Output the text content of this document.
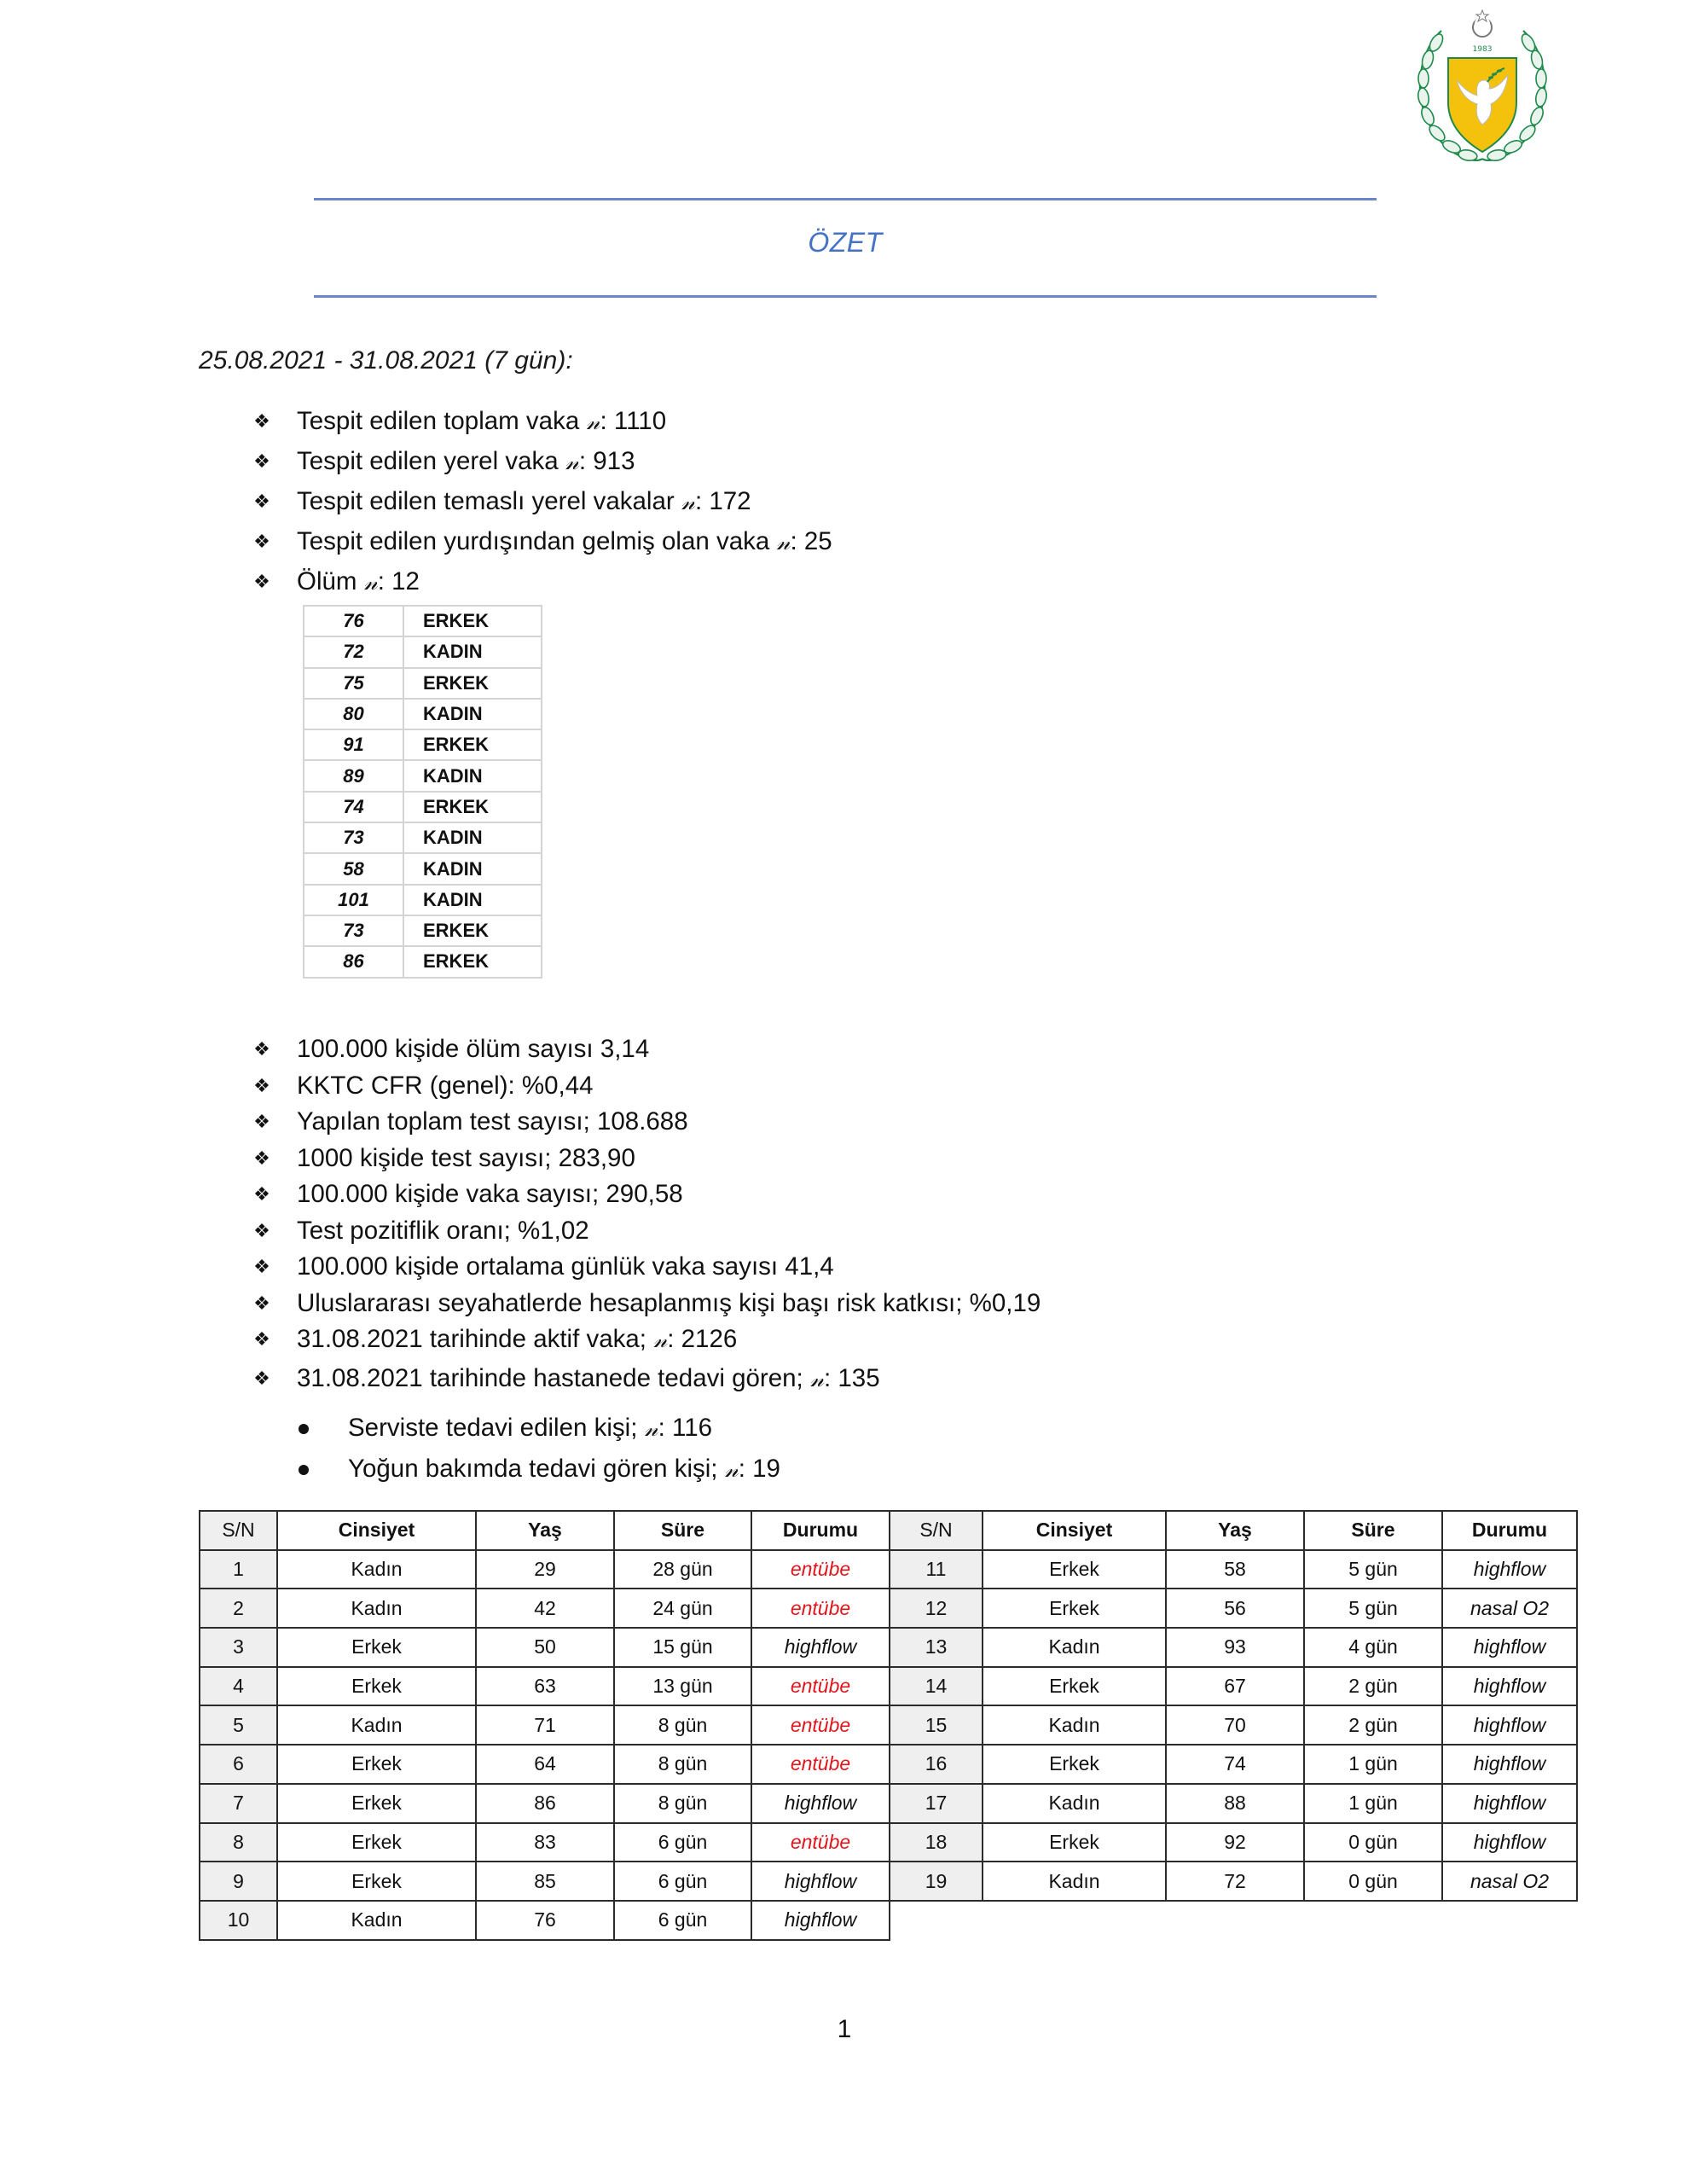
1983
ÖZET
25.08.2021 - 31.08.2021 (7 gün):
❖ Tespit edilen toplam vaka 𝓃: 1110
❖ Tespit edilen yerel vaka 𝓃: 913
❖ Tespit edilen temaslı yerel vakalar 𝓃: 172
❖ Tespit edilen yurdışından gelmiş olan vaka 𝓃: 25
❖ Ölüm 𝓃: 12
76	ERKEK
72	KADIN
75	ERKEK
80	KADIN
91	ERKEK
89	KADIN
74	ERKEK
73	KADIN
58	KADIN
101	KADIN
73	ERKEK
86	ERKEK
❖ 100.000 kişide ölüm sayısı 3,14
❖ KKTC CFR (genel): %0,44
❖ Yapılan toplam test sayısı; 108.688
❖ 1000 kişide test sayısı; 283,90
❖ 100.000 kişide vaka sayısı; 290,58
❖ Test pozitiflik oranı; %1,02
❖ 100.000 kişide ortalama günlük vaka sayısı 41,4
❖ Uluslararası seyahatlerde hesaplanmış kişi başı risk katkısı; %0,19
❖ 31.08.2021 tarihinde aktif vaka; 𝓃: 2126
❖ 31.08.2021 tarihinde hastanede tedavi gören; 𝓃: 135
Serviste tedavi edilen kişi; 𝓃: 116
Yoğun bakımda tedavi gören kişi; 𝓃: 19
S/N	Cinsiyet	Yaş	Süre	Durumu	S/N	Cinsiyet	Yaş	Süre	Durumu
1	Kadın	29	28 gün	entübe	11	Erkek	58	5 gün	highflow
2	Kadın	42	24 gün	entübe	12	Erkek	56	5 gün	nasal O2
3	Erkek	50	15 gün	highflow	13	Kadın	93	4 gün	highflow
4	Erkek	63	13 gün	entübe	14	Erkek	67	2 gün	highflow
5	Kadın	71	8 gün	entübe	15	Kadın	70	2 gün	highflow
6	Erkek	64	8 gün	entübe	16	Erkek	74	1 gün	highflow
7	Erkek	86	8 gün	highflow	17	Kadın	88	1 gün	highflow
8	Erkek	83	6 gün	entübe	18	Erkek	92	0 gün	highflow
9	Erkek	85	6 gün	highflow	19	Kadın	72	0 gün	nasal O2
10	Kadın	76	6 gün	highflow					
1
